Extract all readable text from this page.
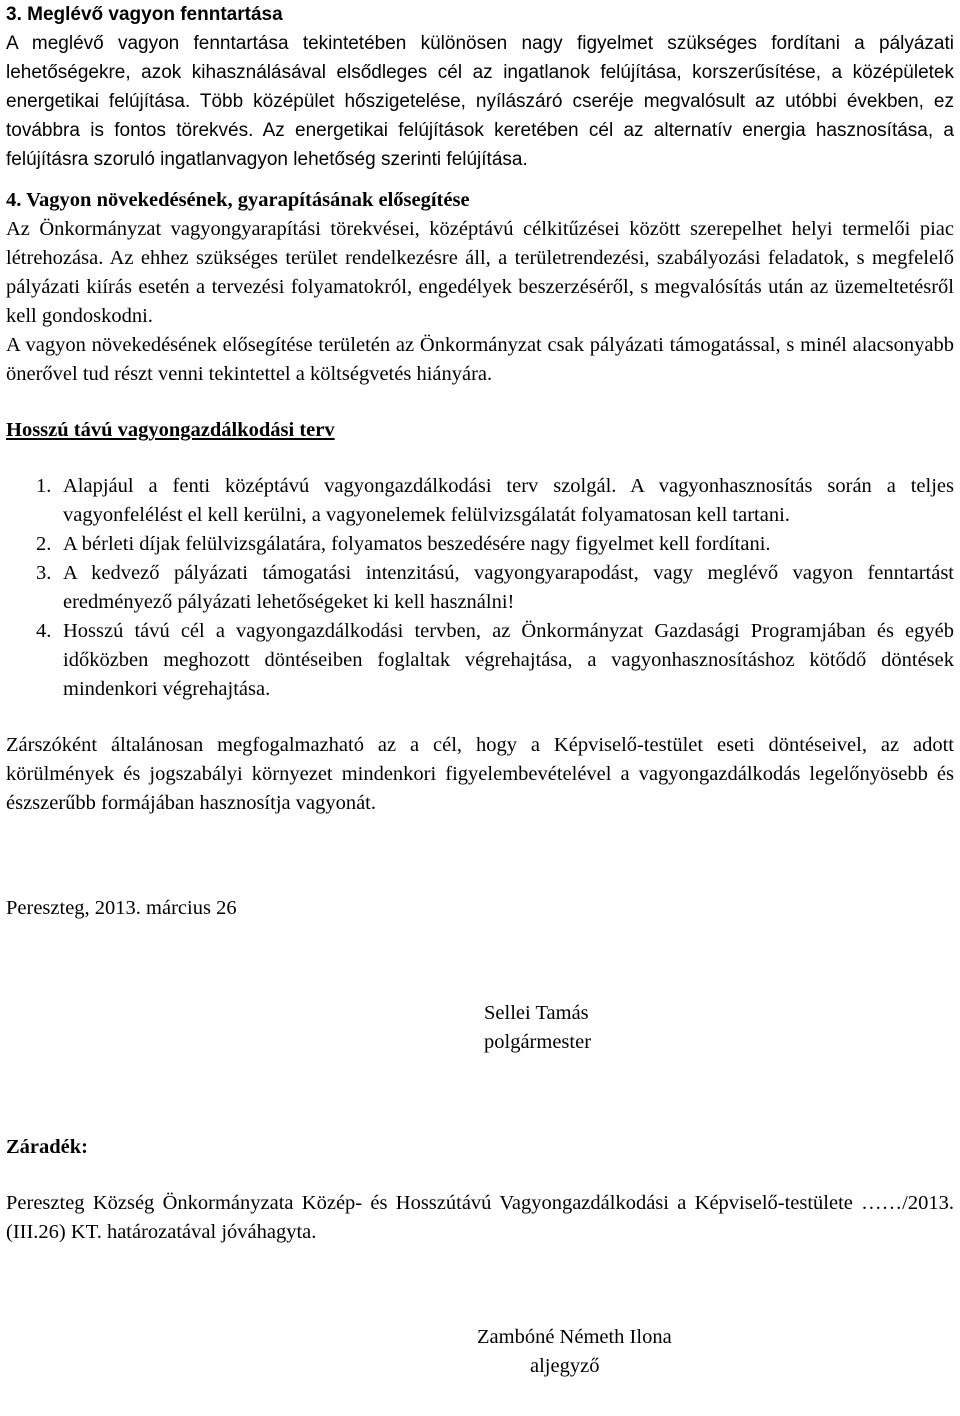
3. Meglévő vagyon fenntartása
A meglévő vagyon fenntartása tekintetében különösen nagy figyelmet szükséges fordítani a pályázati lehetőségekre, azok kihasználásával elsődleges cél az ingatlanok felújítása, korszerűsítése, a középületek energetikai felújítása. Több középület hőszigetelése, nyílászáró cseréje megvalósult az utóbbi években, ez továbbra is fontos törekvés. Az energetikai felújítások keretében cél az alternatív energia hasznosítása, a felújításra szoruló ingatlanvagyon lehetőség szerinti felújítása.

4. Vagyon növekedésének, gyarapításának elősegítése
Az Önkormányzat vagyongyarapítási törekvései, középtávú célkitűzései között szerepelhet helyi termelői piac létrehozása. Az ehhez szükséges terület rendelkezésre áll, a területrendezési, szabályozási feladatok, s megfelelő pályázati kiírás esetén a tervezési folyamatokról, engedélyek beszerzéséről, s megvalósítás után az üzemeltetésről kell gondoskodni.

A vagyon növekedésének elősegítése területén az Önkormányzat csak pályázati támogatással, s minél alacsonyabb önerővel tud részt venni tekintettel a költségvetés hiányára.

Hosszú távú vagyongazdálkodási terv

1. Alapjául a fenti középtávú vagyongazdálkodási terv szolgál. A vagyonhasznosítás során a teljes vagyonfelélést el kell kerülni, a vagyonelemek felülvizsgálatát folyamatosan kell tartani.
2. A bérleti díjak felülvizsgálatára, folyamatos beszedésére nagy figyelmet kell fordítani.
3. A kedvező pályázati támogatási intenzitású, vagyongyarapodást, vagy meglévő vagyon fenntartást eredményező pályázati lehetőségeket ki kell használni!
4. Hosszú távú cél a vagyongazdálkodási tervben, az Önkormányzat Gazdasági Programjában és egyéb időközben meghozott döntéseiben foglaltak végrehajtása, a vagyonhasznosításhoz kötődő döntések mindenkori végrehajtása.

Zárszóként általánosan megfogalmazható az a cél, hogy a Képviselő-testület eseti döntéseivel, az adott körülmények és jogszabályi környezet mindenkori figyelembevételével a vagyongazdálkodás legelőnyösebb és észszerűbb formájában hasznosítja vagyonát.

Pereszteg, 2013. március 26

Sellei Tamás
polgármester

Záradék:

Pereszteg Község Önkormányzata Közép- és Hosszútávú Vagyongazdálkodási a Képviselő-testülete ……/2013. (III.26) KT. határozatával jóváhagyta.

Zambóné Németh Ilona
aljegyző
